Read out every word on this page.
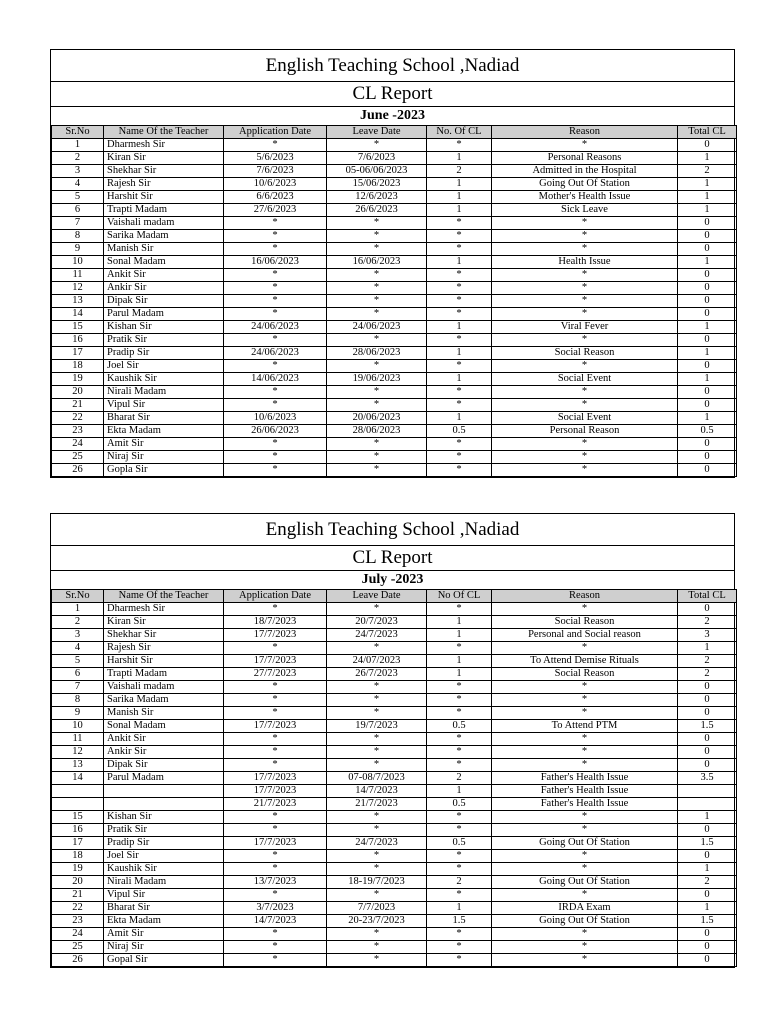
English Teaching School ,Nadiad
CL Report
June -2023
Sr.No	Name Of the Teacher	Application Date	Leave Date	No. Of CL	Reason	Total CL
1	Dharmesh Sir	*	*	*	*	0
2	Kiran Sir	5/6/2023	7/6/2023	1	Personal Reasons	1
3	Shekhar Sir	7/6/2023	05-06/06/2023	2	Admitted in the Hospital	2
4	Rajesh Sir	10/6/2023	15/06/2023	1	Going Out Of Station	1
5	Harshit Sir	6/6/2023	12/6/2023	1	Mother's Health Issue	1
6	Trapti Madam	27/6/2023	26/6/2023	1	Sick Leave	1
7	Vaishali madam	*	*	*	*	0
8	Sarika Madam	*	*	*	*	0
9	Manish Sir	*	*	*	*	0
10	Sonal Madam	16/06/2023	16/06/2023	1	Health Issue	1
11	Ankit Sir	*	*	*	*	0
12	Ankir Sir	*	*	*	*	0
13	Dipak Sir	*	*	*	*	0
14	Parul Madam	*	*	*	*	0
15	Kishan Sir	24/06/2023	24/06/2023	1	Viral Fever	1
16	Pratik Sir	*	*	*	*	0
17	Pradip Sir	24/06/2023	28/06/2023	1	Social Reason	1
18	Joel Sir	*	*	*	*	0
19	Kaushik Sir	14/06/2023	19/06/2023	1	Social Event	1
20	Nirali Madam	*	*	*	*	0
21	Vipul Sir	*	*	*	*	0
22	Bharat Sir	10/6/2023	20/06/2023	1	Social Event	1
23	Ekta Madam	26/06/2023	28/06/2023	0.5	Personal Reason	0.5
24	Amit Sir	*	*	*	*	0
25	Niraj Sir	*	*	*	*	0
26	Gopla Sir	*	*	*	*	0
English Teaching School ,Nadiad
CL Report
July -2023
Sr.No	Name Of the Teacher	Application Date	Leave Date	No Of CL	Reason	Total CL
1	Dharmesh Sir	*	*	*	*	0
2	Kiran Sir	18/7/2023	20/7/2023	1	Social Reason	2
3	Shekhar Sir	17/7/2023	24/7/2023	1	Personal and Social reason	3
4	Rajesh Sir	*	*	*	*	1
5	Harshit Sir	17/7/2023	24/07/2023	1	To Attend Demise Rituals	2
6	Trapti Madam	27/7/2023	26/7/2023	1	Social Reason	2
7	Vaishali madam	*	*	*	*	0
8	Sarika Madam	*	*	*	*	0
9	Manish Sir	*	*	*	*	0
10	Sonal Madam	17/7/2023	19/7/2023	0.5	To Attend PTM	1.5
11	Ankit Sir	*	*	*	*	0
12	Ankir Sir	*	*	*	*	0
13	Dipak Sir	*	*	*	*	0
14	Parul Madam	17/7/2023	07-08/7/2023	2	Father's Health Issue	3.5
		17/7/2023	14/7/2023	1	Father's Health Issue	
		21/7/2023	21/7/2023	0.5	Father's Health Issue	
15	Kishan Sir	*	*	*	*	1
16	Pratik Sir	*	*	*	*	0
17	Pradip Sir	17/7/2023	24/7/2023	0.5	Going Out Of Station	1.5
18	Joel Sir	*	*	*	*	0
19	Kaushik Sir	*	*	*	*	1
20	Nirali Madam	13/7/2023	18-19/7/2023	2	Going Out Of Station	2
21	Vipul Sir	*	*	*	*	0
22	Bharat Sir	3/7/2023	7/7/2023	1	IRDA Exam	1
23	Ekta Madam	14/7/2023	20-23/7/2023	1.5	Going Out Of Station	1.5
24	Amit Sir	*	*	*	*	0
25	Niraj Sir	*	*	*	*	0
26	Gopal Sir	*	*	*	*	0
